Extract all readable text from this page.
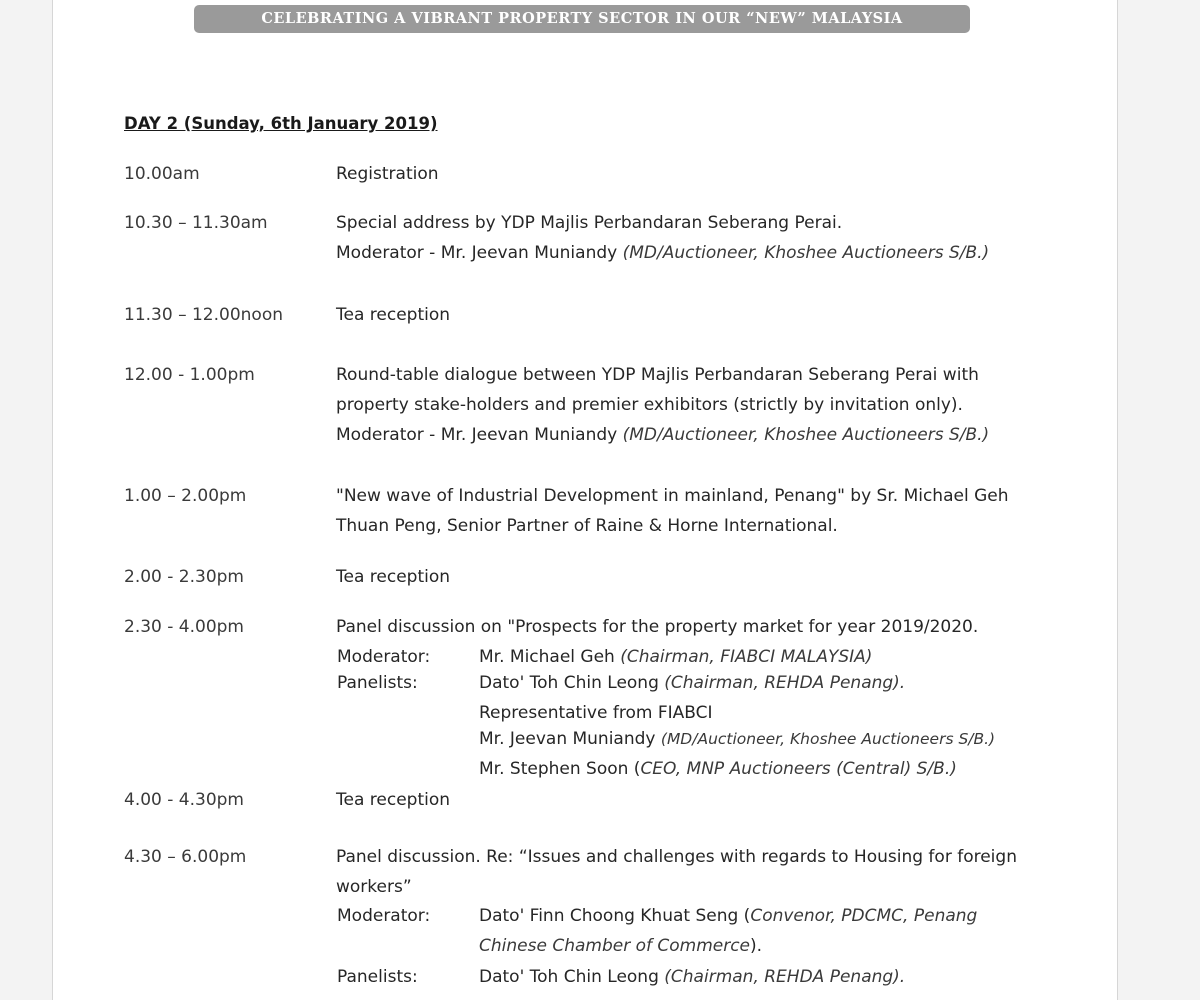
CELEBRATING A VIBRANT PROPERTY SECTOR IN OUR “NEW” MALAYSIA
DAY 2 (Sunday, 6th January 2019)
10.00am	Registration
10.30 – 11.30am	Special address by YDP Majlis Perbandaran Seberang Perai.
Moderator - Mr. Jeevan Muniandy (MD/Auctioneer, Khoshee Auctioneers S/B.)
11.30 – 12.00noon	Tea reception
12.00 - 1.00pm	Round-table dialogue between YDP Majlis Perbandaran Seberang Perai with
property stake-holders and premier exhibitors (strictly by invitation only).
Moderator - Mr. Jeevan Muniandy (MD/Auctioneer, Khoshee Auctioneers S/B.)
1.00 – 2.00pm	"New wave of Industrial Development in mainland, Penang" by Sr. Michael Geh
Thuan Peng, Senior Partner of Raine & Horne International.
2.00 - 2.30pm	Tea reception
2.30 - 4.00pm	Panel discussion on "Prospects for the property market for year 2019/2020.
Moderator:	Mr. Michael Geh (Chairman, FIABCI MALAYSIA)
Panelists:	Dato' Toh Chin Leong (Chairman, REHDA Penang).
Representative from FIABCI
Mr. Jeevan Muniandy (MD/Auctioneer, Khoshee Auctioneers S/B.)
Mr. Stephen Soon (CEO, MNP Auctioneers (Central) S/B.)
4.00 - 4.30pm	Tea reception
4.30 – 6.00pm	Panel discussion. Re: “Issues and challenges with regards to Housing for foreign
workers”
Moderator:	Dato' Finn Choong Khuat Seng (Convenor, PDCMC, Penang
Chinese Chamber of Commerce).
Panelists:	Dato' Toh Chin Leong (Chairman, REHDA Penang).
